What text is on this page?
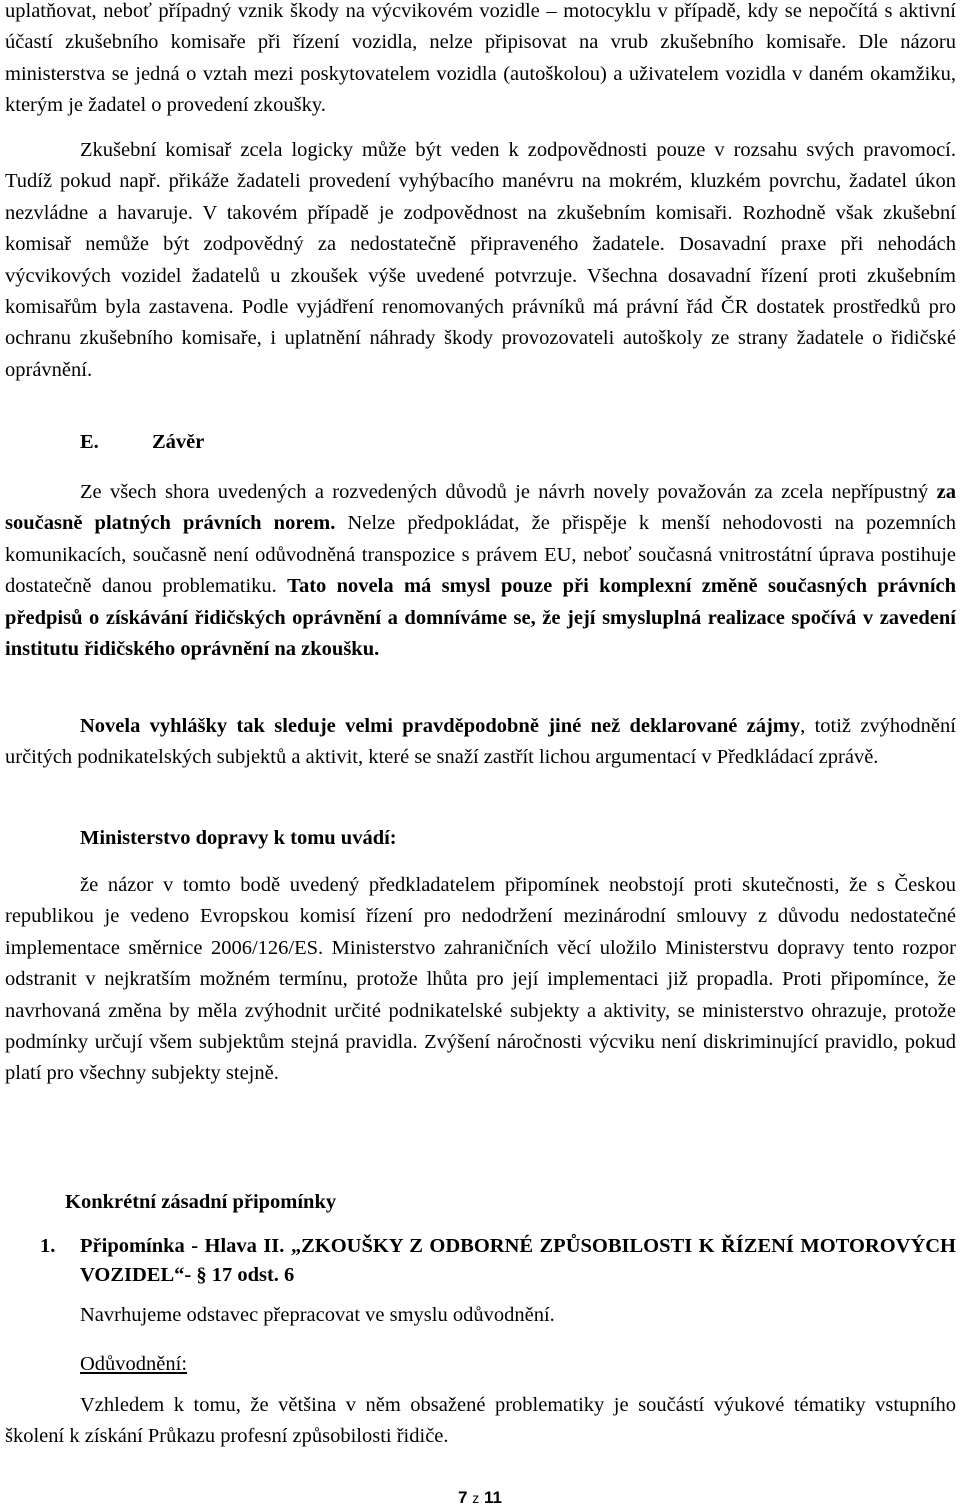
uplatňovat, neboť případný vznik škody na výcvikovém vozidle – motocyklu v případě, kdy se nepočítá s aktivní účastí zkušebního komisaře při řízení vozidla, nelze připisovat na vrub zkušebního komisaře. Dle názoru ministerstva se jedná o vztah mezi poskytovatelem vozidla (autoškolou) a uživatelem vozidla v daném okamžiku, kterým je žadatel o provedení zkoušky.

Zkušební komisař zcela logicky může být veden k zodpovědnosti pouze v rozsahu svých pravomocí. Tudíž pokud např. přikáže žadateli provedení vyhýbacího manévru na mokrém, kluzkém povrchu, žadatel úkon nezvládne a havaruje. V takovém případě je zodpovědnost na zkušebním komisaři. Rozhodně však zkušební komisař nemůže být zodpovědný za nedostatečně připraveného žadatele. Dosavadní praxe při nehodách výcvikových vozidel žadatelů u zkoušek výše uvedené potvrzuje. Všechna dosavadní řízení proti zkušebním komisařům byla zastavena. Podle vyjádření renomovaných právníků má právní řád ČR dostatek prostředků pro ochranu zkušebního komisaře, i uplatnění náhrady škody provozovateli autoškoly ze strany žadatele o řidičské oprávnění.

E.	Závěr

Ze všech shora uvedených a rozvedených důvodů je návrh novely považován za zcela nepřípustný za současně platných právních norem. Nelze předpokládat, že přispěje k menší nehodovosti na pozemních komunikacích, současně není odůvodněná transpozice s právem EU, neboť současná vnitrostátní úprava postihuje dostatečně danou problematiku. Tato novela má smysl pouze při komplexní změně současných právních předpisů o získávání řidičských oprávnění a domníváme se, že její smysluplná realizace spočívá v zavedení institutu řidičského oprávnění na zkoušku.

Novela vyhlášky tak sleduje velmi pravděpodobně jiné než deklarované zájmy, totiž zvýhodnění určitých podnikatelských subjektů a aktivit, které se snaží zastřít lichou argumentací v Předkládací zprávě.

Ministerstvo dopravy k tomu uvádí:

že názor v tomto bodě uvedený předkladatelem připomínek neobstojí proti skutečnosti, že s Českou republikou je vedeno Evropskou komisí řízení pro nedodržení mezinárodní smlouvy z důvodu nedostatečné implementace směrnice 2006/126/ES. Ministerstvo zahraničních věcí uložilo Ministerstvu dopravy tento rozpor odstranit v nejkratším možném termínu, protože lhůta pro její implementaci již propadla. Proti připomínce, že navrhovaná změna by měla zvýhodnit určité podnikatelské subjekty a aktivity, se ministerstvo ohrazuje, protože podmínky určují všem subjektům stejná pravidla. Zvýšení náročnosti výcviku není diskriminující pravidlo, pokud platí pro všechny subjekty stejně.

Konkrétní zásadní připomínky
1. Připomínka - Hlava II. „ZKOUŠKY Z ODBORNÉ ZPŮSOBILOSTI K ŘÍZENÍ MOTOROVÝCH VOZIDEL“- § 17 odst. 6

Navrhujeme odstavec přepracovat ve smyslu odůvodnění.

Odůvodnění:

Vzhledem k tomu, že většina v něm obsažené problematiky je součástí výukové tématiky vstupního školení k získání Průkazu profesní způsobilosti řidiče.

7 z 11
